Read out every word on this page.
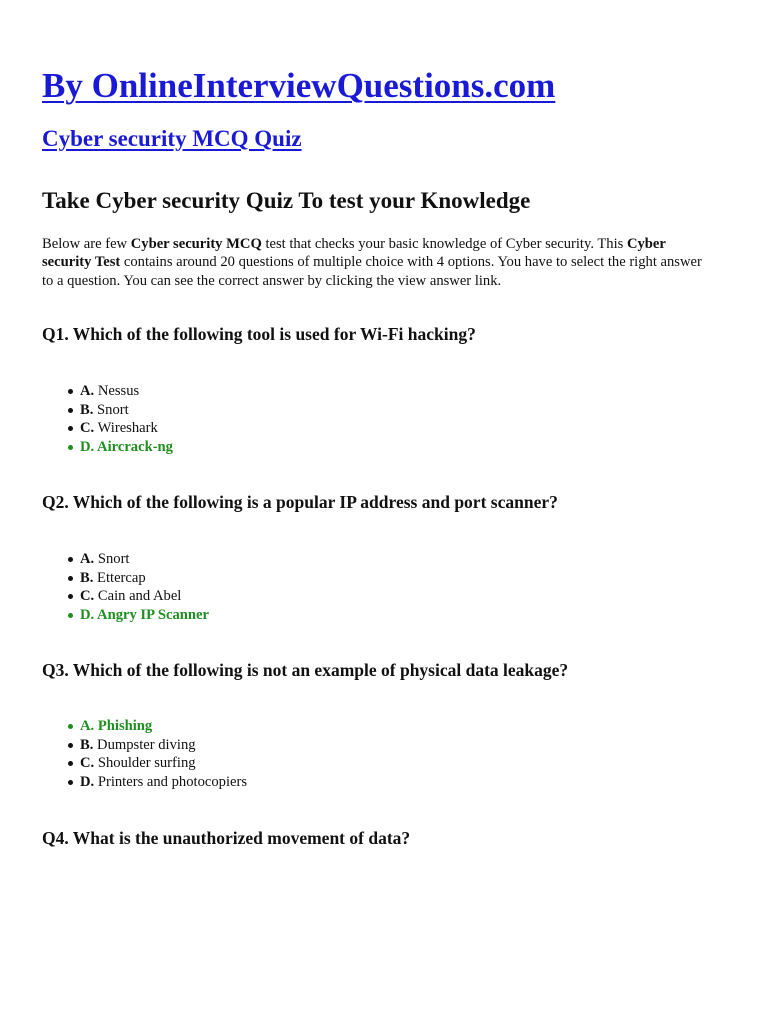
By OnlineInterviewQuestions.com
Cyber security MCQ Quiz
Take Cyber security Quiz To test your Knowledge

Below are few Cyber security MCQ test that checks your basic knowledge of Cyber security. This Cyber security Test contains around 20 questions of multiple choice with 4 options. You have to select the right answer to a question. You can see the correct answer by clicking the view answer link.

Q1. Which of the following tool is used for Wi-Fi hacking?
A. Nessus
B. Snort
C. Wireshark
D. Aircrack-ng
Q2. Which of the following is a popular IP address and port scanner?
A. Snort
B. Ettercap
C. Cain and Abel
D. Angry IP Scanner
Q3. Which of the following is not an example of physical data leakage?
A. Phishing
B. Dumpster diving
C. Shoulder surfing
D. Printers and photocopiers
Q4. What is the unauthorized movement of data?
